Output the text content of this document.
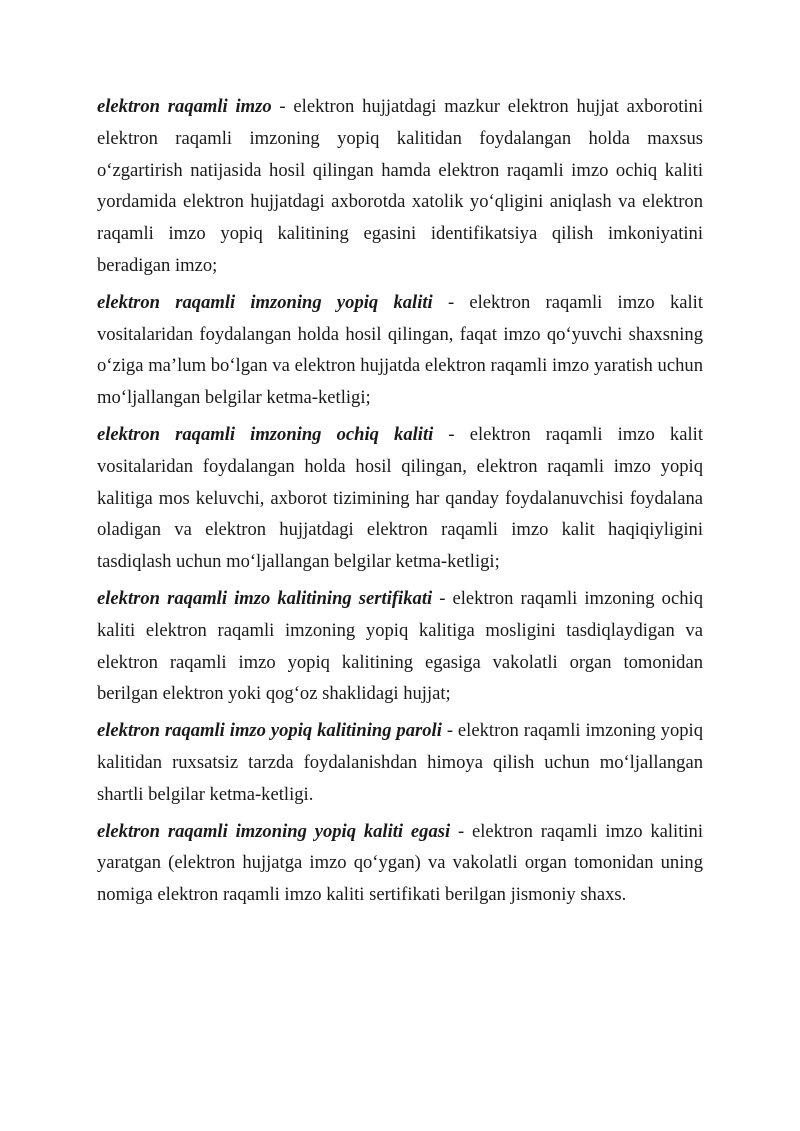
elektron raqamli imzo - elektron hujjatdagi mazkur elektron hujjat axborotini elektron raqamli imzoning yopiq kalitidan foydalangan holda maxsus o‘zgartirish natijasida hosil qilingan hamda elektron raqamli imzo ochiq kaliti yordamida elektron hujjatdagi axborotda xatolik yo‘qligini aniqlash va elektron raqamli imzo yopiq kalitining egasini identifikatsiya qilish imkoniyatini beradigan imzo;

elektron raqamli imzoning yopiq kaliti - elektron raqamli imzo kalit vositalaridan foydalangan holda hosil qilingan, faqat imzo qo‘yuvchi shaxsning o‘ziga ma’lum bo‘lgan va elektron hujjatda elektron raqamli imzo yaratish uchun mo‘ljallangan belgilar ketma-ketligi;

elektron raqamli imzoning ochiq kaliti - elektron raqamli imzo kalit vositalaridan foydalangan holda hosil qilingan, elektron raqamli imzo yopiq kalitiga mos keluvchi, axborot tizimining har qanday foydalanuvchisi foydalana oladigan va elektron hujjatdagi elektron raqamli imzo kalit haqiqiyligini tasdiqlash uchun mo‘ljallangan belgilar ketma-ketligi;

elektron raqamli imzo kalitining sertifikati - elektron raqamli imzoning ochiq kaliti elektron raqamli imzoning yopiq kalitiga mosligini tasdiqlaydigan va elektron raqamli imzo yopiq kalitining egasiga vakolatli organ tomonidan berilgan elektron yoki qog‘oz shaklidagi hujjat;

elektron raqamli imzo yopiq kalitining paroli - elektron raqamli imzoning yopiq kalitidan ruxsatsiz tarzda foydalanishdan himoya qilish uchun mo‘ljallangan shartli belgilar ketma-ketligi.

elektron raqamli imzoning yopiq kaliti egasi - elektron raqamli imzo kalitini yaratgan (elektron hujjatga imzo qo‘ygan) va vakolatli organ tomonidan uning nomiga elektron raqamli imzo kaliti sertifikati berilgan jismoniy shaxs.
